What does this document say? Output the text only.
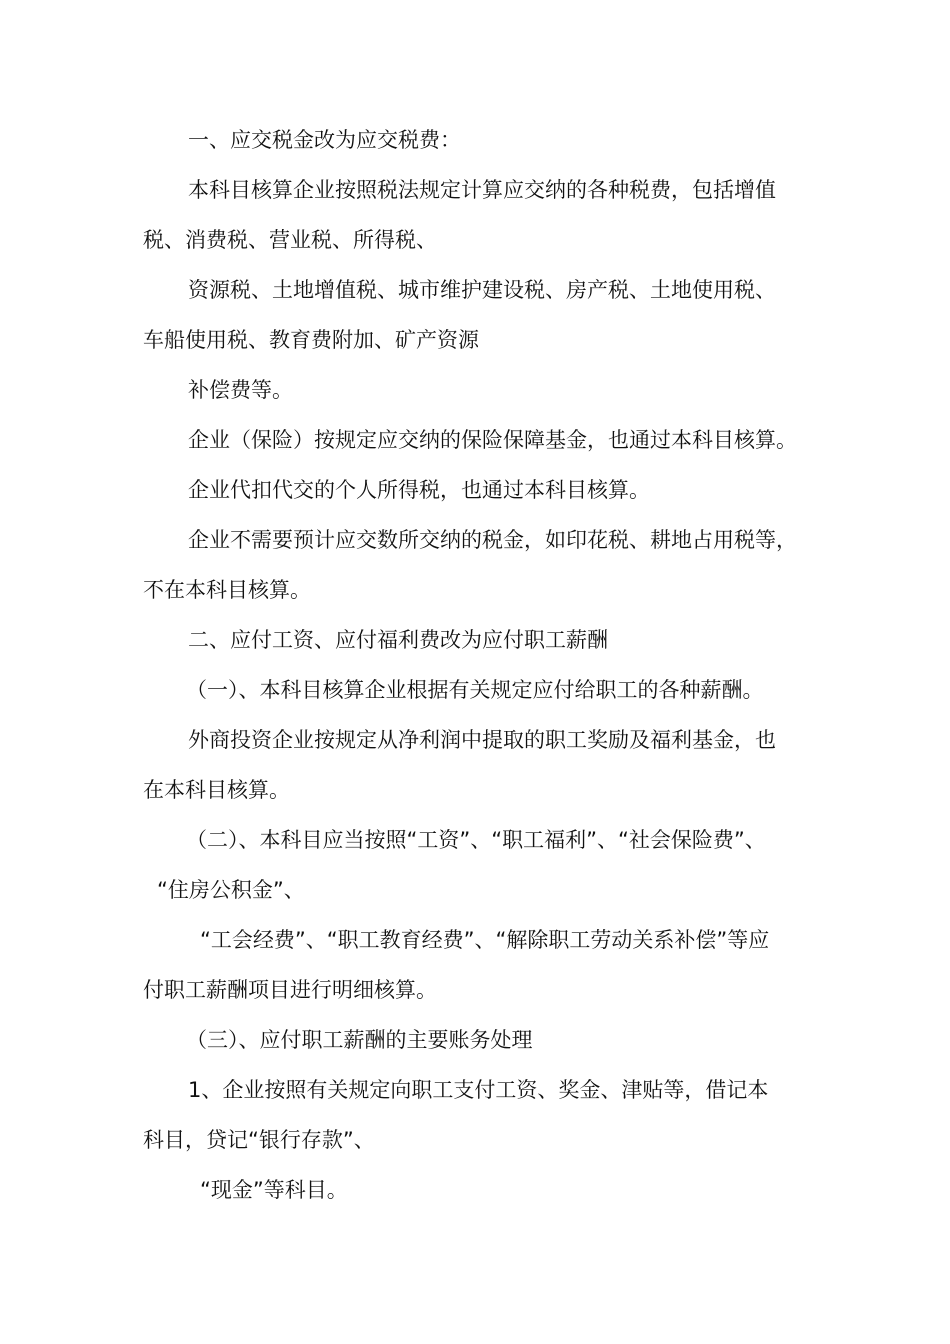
一、应交税金改为应交税费：
本科目核算企业按照税法规定计算应交纳的各种税费，包括增值
税、消费税、营业税、所得税、
资源税、土地增值税、城市维护建设税、房产税、土地使用税、
车船使用税、教育费附加、矿产资源
补偿费等。
企业（保险）按规定应交纳的保险保障基金，也通过本科目核算。
企业代扣代交的个人所得税，也通过本科目核算。
企业不需要预计应交数所交纳的税金，如印花税、耕地占用税等，
不在本科目核算。
二、应付工资、应付福利费改为应付职工薪酬
（一）、本科目核算企业根据有关规定应付给职工的各种薪酬。
外商投资企业按规定从净利润中提取的职工奖励及福利基金，也
在本科目核算。
（二）、本科目应当按照“工资”、“职工福利”、“社会保险费”、
“住房公积金”、
“工会经费”、“职工教育经费”、“解除职工劳动关系补偿”等应
付职工薪酬项目进行明细核算。
（三）、应付职工薪酬的主要账务处理
1、企业按照有关规定向职工支付工资、奖金、津贴等，借记本
科目，贷记“银行存款”、
“现金”等科目。
